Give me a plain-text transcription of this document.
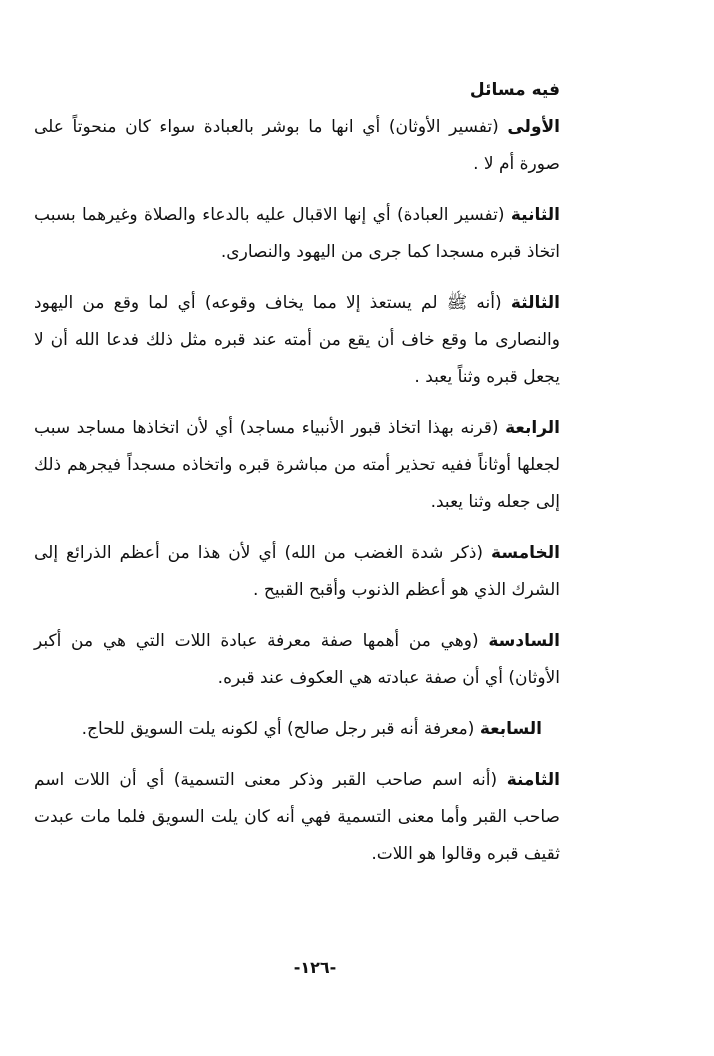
فيه مسائل

الأولى (تفسير الأوثان) أي انها ما بوشر بالعبادة سواء كان منحوتاً على صورة أم لا .

الثانية (تفسير العبادة) أي إنها الاقبال عليه بالدعاء والصلاة وغيرهما بسبب اتخاذ قبره مسجدا كما جرى من اليهود والنصارى.

الثالثة (أنه ﷺ لم يستعذ إلا مما يخاف وقوعه) أي لما وقع من اليهود والنصارى ما وقع خاف أن يقع من أمته عند قبره مثل ذلك فدعا الله أن لا يجعل قبره وثناً يعبد .

الرابعة (قرنه بهذا اتخاذ قبور الأنبياء مساجد) أي لأن اتخاذها مساجد سبب لجعلها أوثاناً ففيه تحذير أمته من مباشرة قبره واتخاذه مسجداً فيجرهم ذلك إلى جعله وثنا يعبد.

الخامسة (ذكر شدة الغضب من الله) أي لأن هذا من أعظم الذرائع إلى الشرك الذي هو أعظم الذنوب وأقبح القبيح .

السادسة (وهي من أهمها صفة معرفة عبادة اللات التي هي من أكبر الأوثان) أي أن صفة عبادته هي العكوف عند قبره.

السابعة (معرفة أنه قبر رجل صالح) أي لكونه يلت السويق للحاج.

الثامنة (أنه اسم صاحب القبر وذكر معنى التسمية) أي أن اللات اسم صاحب القبر وأما معنى التسمية فهي أنه كان يلت السويق فلما مات عبدت ثقيف قبره وقالوا هو اللات.

-١٢٦-
